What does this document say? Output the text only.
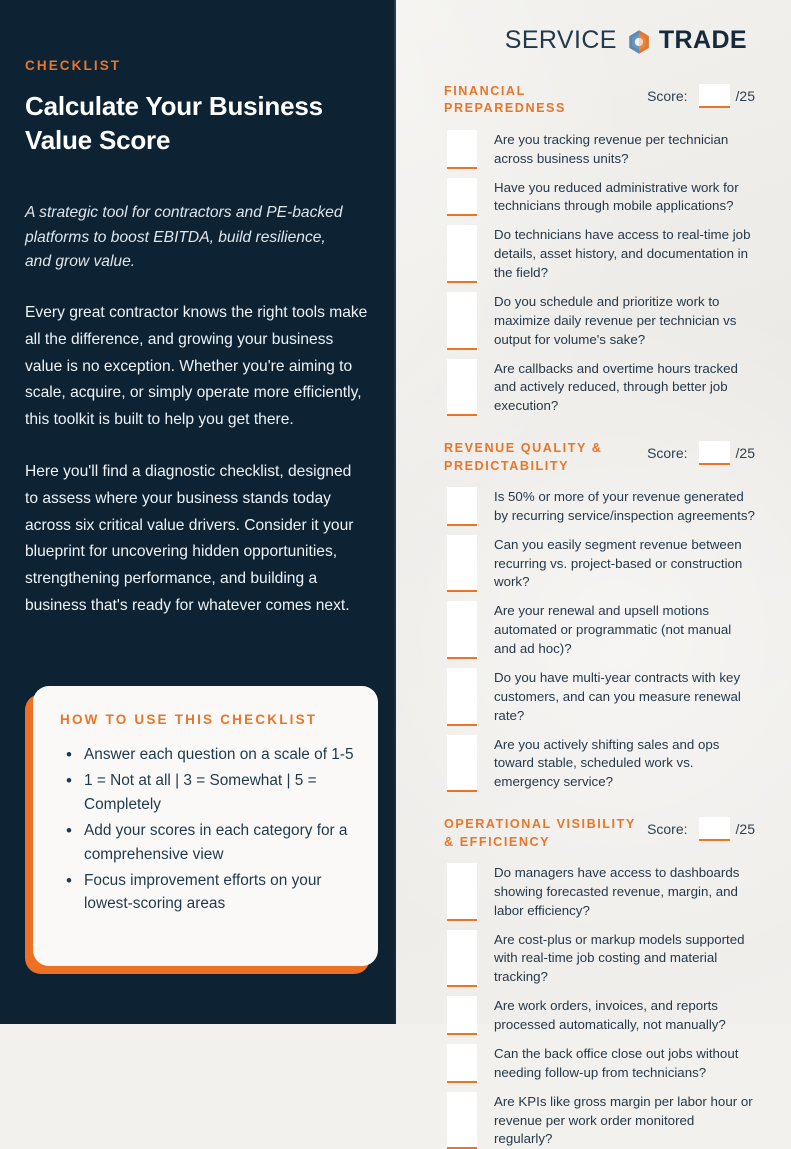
CHECKLIST
Calculate Your Business Value Score

A strategic tool for contractors and PE-backed platforms to boost EBITDA, build resilience, and grow value.

Every great contractor knows the right tools make all the difference, and growing your business value is no exception. Whether you're aiming to scale, acquire, or simply operate more efficiently, this toolkit is built to help you get there.

Here you'll find a diagnostic checklist, designed to assess where your business stands today across six critical value drivers. Consider it your blueprint for uncovering hidden opportunities, strengthening performance, and building a business that's ready for whatever comes next.

HOW TO USE THIS CHECKLIST
• Answer each question on a scale of 1-5
• 1 = Not at all | 3 = Somewhat | 5 = Completely
• Add your scores in each category for a comprehensive view
• Focus improvement efforts on your lowest-scoring areas
SERVICE TRADE
FINANCIAL PREPAREDNESS
Score:	/25
Are you tracking revenue per technician across business units?
Have you reduced administrative work for technicians through mobile applications?
Do technicians have access to real-time job details, asset history, and documentation in the field?
Do you schedule and prioritize work to maximize daily revenue per technician vs output for volume's sake?
Are callbacks and overtime hours tracked and actively reduced, through better job execution?
REVENUE QUALITY & PREDICTABILITY
Score:	/25
Is 50% or more of your revenue generated by recurring service/inspection agreements?
Can you easily segment revenue between recurring vs. project-based or construction work?
Are your renewal and upsell motions automated or programmatic (not manual and ad hoc)?
Do you have multi-year contracts with key customers, and can you measure renewal rate?
Are you actively shifting sales and ops toward stable, scheduled work vs. emergency service?
OPERATIONAL VISIBILITY & EFFICIENCY
Score:	/25
Do managers have access to dashboards showing forecasted revenue, margin, and labor efficiency?
Are cost-plus or markup models supported with real-time job costing and material tracking?
Are work orders, invoices, and reports processed automatically, not manually?
Can the back office close out jobs without needing follow-up from technicians?
Are KPIs like gross margin per labor hour or revenue per work order monitored regularly?
